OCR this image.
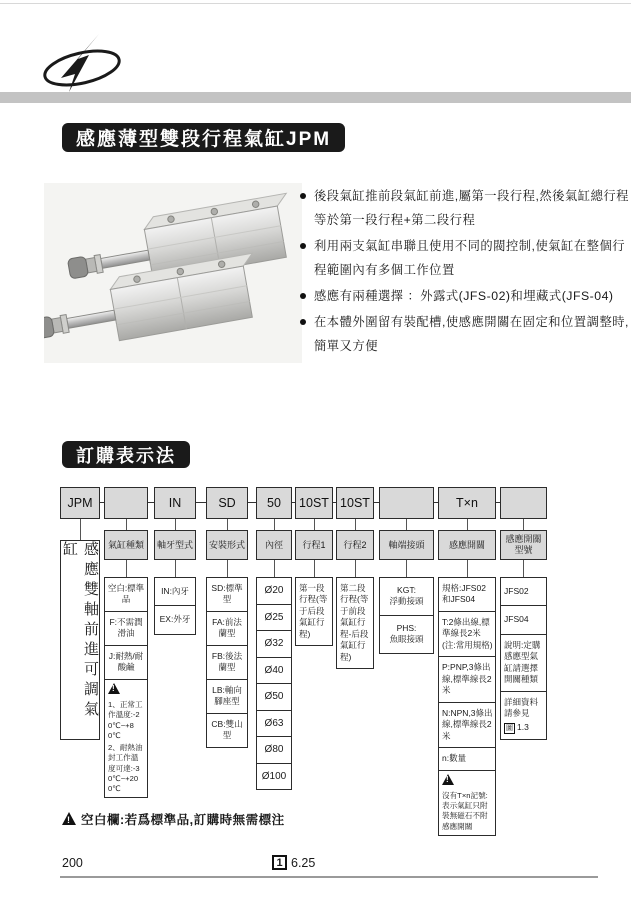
感應薄型雙段行程氣缸JPM
後段氣缸推前段氣缸前進,屬第一段行程,然後氣缸總行程等於第一段行程+第二段行程
利用兩支氣缸串聯且使用不同的閥控制,使氣缸在整個行程範圍內有多個工作位置
感應有兩種選擇 ：外露式(JFS-02)和埋藏式(JFS-04)
在本體外圍留有裝配槽,使感應開關在固定和位置調整時,簡單又方便
訂購表示法
JPM
感應雙軸前進可調氣缸	氣缸種類
空白:標準品
F:不需潤滑油
J:耐熱/耐酸鹼
!
1、正常工作溫度:-20℃~+80℃
2、耐熱油封工作溫度可達:-30℃~+200℃
IN
軸牙型式
IN:內牙
EX:外牙
SD
安裝形式
SD:標準型
FA:前法蘭型
FB:後法蘭型
LB:軸向腳座型
CB:雙山型
50
內徑
Ø20
Ø25
Ø32
Ø40
Ø50
Ø63
Ø80
Ø100
10ST
行程1
第一段行程(等于后段氣缸行程)
10ST
行程2
第二段行程(等于前段氣缸行程-后段氣缸行程)
軸端接頭
KGT:
浮動接頭
PHS:
魚眼接頭
T×n
感應開關
規格:JFS02和JFS04
T:2條出線,標準線長2米 (注:常用規格)
P:PNP,3條出線,標準線長2米
N:NPN,3條出線,標準線長2米
n:數量
!
沒有T×n記號:表示氣缸只附裝無磁石不附感應開關
感應開關型號
JFS02
JFS04
說明:定購感應型氣缸請選擇開關種類
詳細資料請參見
圖 1.3
!
空白欄:若爲標準品,訂購時無需標注
200	1 6.25
